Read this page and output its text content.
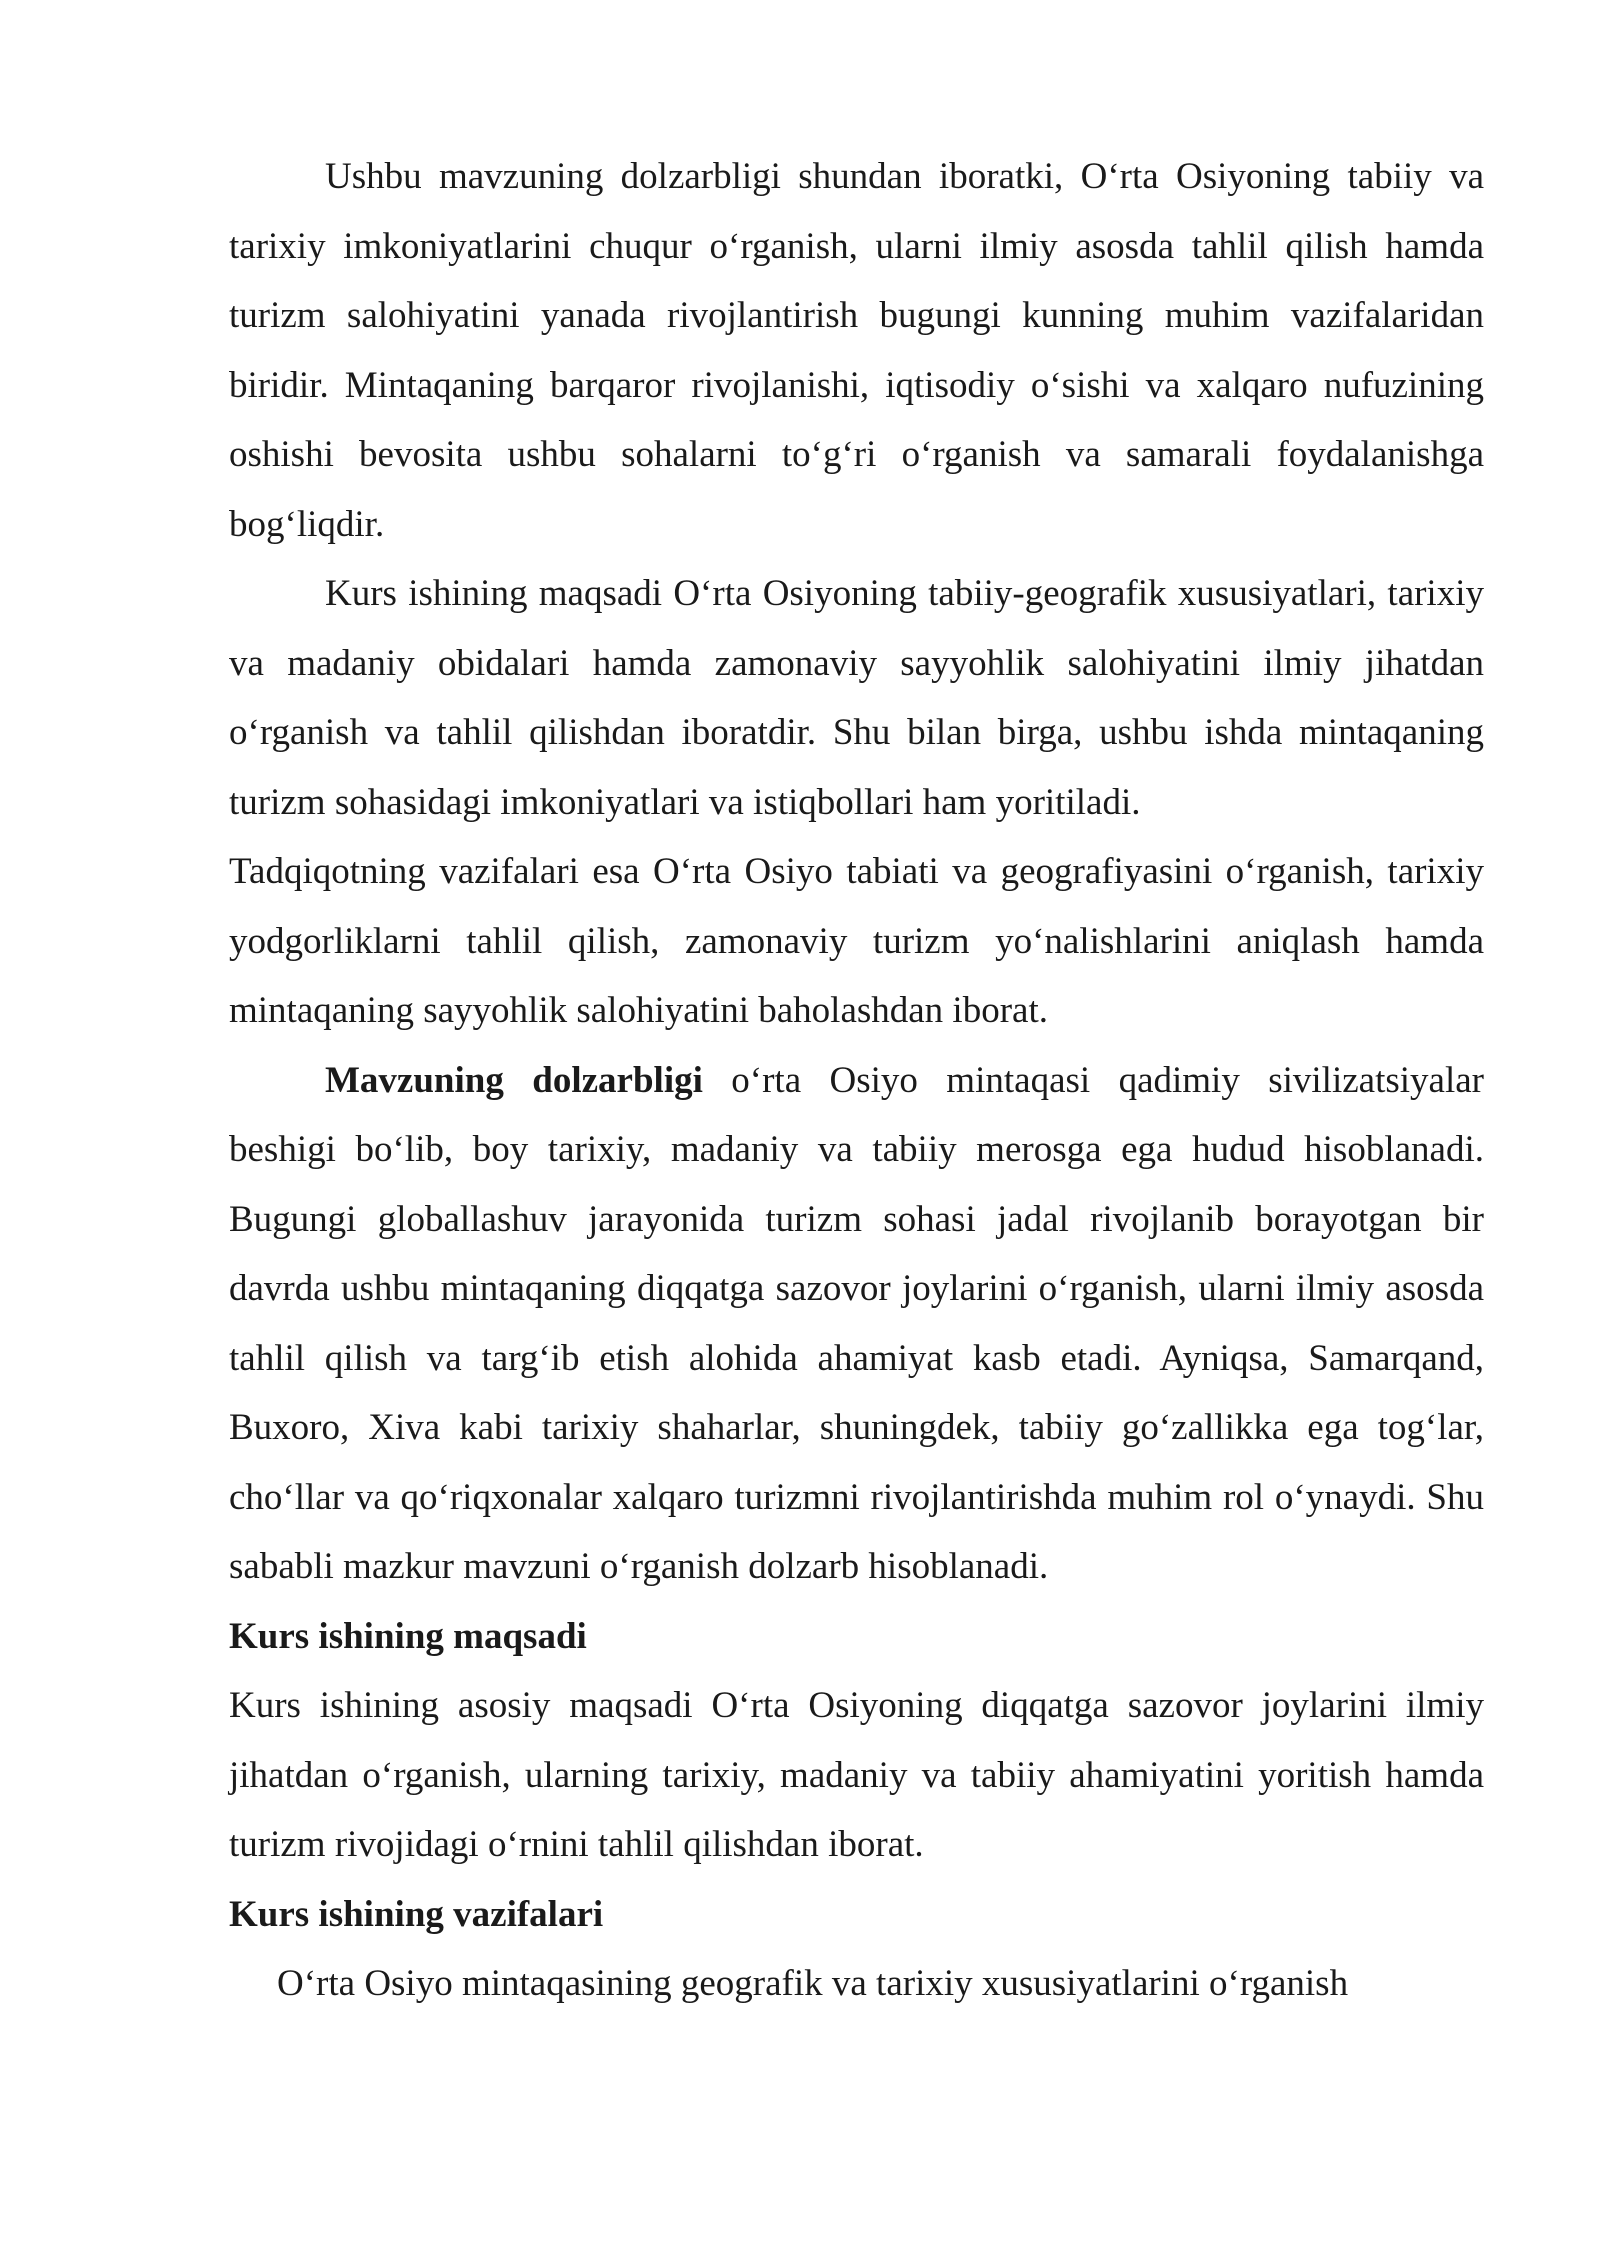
Ushbu mavzuning dolzarbligi shundan iboratki, O‘rta Osiyoning tabiiy va tarixiy imkoniyatlarini chuqur o‘rganish, ularni ilmiy asosda tahlil qilish hamda turizm salohiyatini yanada rivojlantirish bugungi kunning muhim vazifalaridan biridir. Mintaqaning barqaror rivojlanishi, iqtisodiy o‘sishi va xalqaro nufuzining oshishi bevosita ushbu sohalarni to‘g‘ri o‘rganish va samarali foydalanishga bog‘liqdir.

Kurs ishining maqsadi O‘rta Osiyoning tabiiy-geografik xususiyatlari, tarixiy va madaniy obidalari hamda zamonaviy sayyohlik salohiyatini ilmiy jihatdan o‘rganish va tahlil qilishdan iboratdir. Shu bilan birga, ushbu ishda mintaqaning turizm sohasidagi imkoniyatlari va istiqbollari ham yoritiladi.

Tadqiqotning vazifalari esa O‘rta Osiyo tabiati va geografiyasini o‘rganish, tarixiy yodgorliklarni tahlil qilish, zamonaviy turizm yo‘nalishlarini aniqlash hamda mintaqaning sayyohlik salohiyatini baholashdan iborat.

Mavzuning dolzarbligi o‘rta Osiyo mintaqasi qadimiy sivilizatsiyalar beshigi bo‘lib, boy tarixiy, madaniy va tabiiy merosga ega hudud hisoblanadi. Bugungi globallashuv jarayonida turizm sohasi jadal rivojlanib borayotgan bir davrda ushbu mintaqaning diqqatga sazovor joylarini o‘rganish, ularni ilmiy asosda tahlil qilish va targ‘ib etish alohida ahamiyat kasb etadi. Ayniqsa, Samarqand, Buxoro, Xiva kabi tarixiy shaharlar, shuningdek, tabiiy go‘zallikka ega tog‘lar, cho‘llar va qo‘riqxonalar xalqaro turizmni rivojlantirishda muhim rol o‘ynaydi. Shu sababli mazkur mavzuni o‘rganish dolzarb hisoblanadi.

Kurs ishining maqsadi

Kurs ishining asosiy maqsadi O‘rta Osiyoning diqqatga sazovor joylarini ilmiy jihatdan o‘rganish, ularning tarixiy, madaniy va tabiiy ahamiyatini yoritish hamda turizm rivojidagi o‘rnini tahlil qilishdan iborat.

Kurs ishining vazifalari

O‘rta Osiyo mintaqasining geografik va tarixiy xususiyatlarini o‘rganish
